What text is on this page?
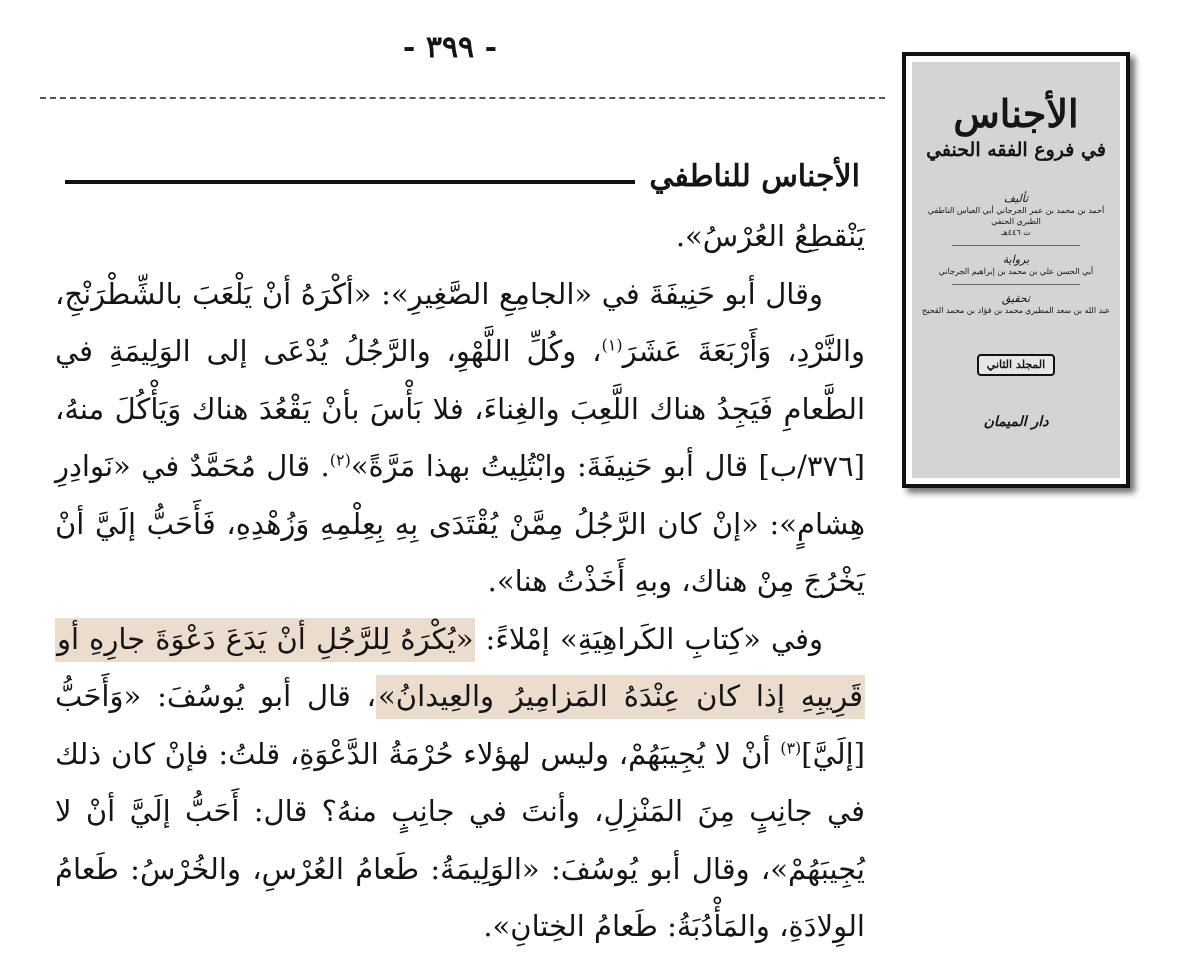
- ٣٩٩ -
الأجناس للناطفي

يَنْقطِعُ العُرْسُ».

وقال أبو حَنِيفَةَ في «الجامِعِ الصَّغِيرِ»: «أكْرَهُ أنْ يَلْعَبَ بالشِّطْرَنْجِ، والنَّرْدِ، وَأَرْبَعَةَ عَشَرَ$^{(١)}$، وكُلِّ اللَّهْوِ، والرَّجُلُ يُدْعَى إلى الوَلِيمَةِ في الطَّعامِ فَيَجِدُ هناك اللَّعِبَ والغِناءَ، فلا بَأْسَ بأنْ يَقْعُدَ هناك وَيَأْكُلَ منهُ، [٣٧٦/ب] قال أبو حَنِيفَةَ: وابْتُلِيتُ بهذا مَرَّةً»$^{(٢)}$. قال مُحَمَّدٌ في «نَوادِرِ هِشامٍ»: «إنْ كان الرَّجُلُ مِمَّنْ يُقْتَدَى بِهِ بِعِلْمِهِ وَزُهْدِهِ، فَأَحَبُّ إلَيَّ أنْ يَخْرُجَ مِنْ هناك، وبهِ أَخَذْتُ هنا».

وفي «كِتابِ الكَراهِيَةِ» إمْلاءً: «يُكْرَهُ لِلرَّجُلِ أنْ يَدَعَ دَعْوَةَ جارِهِ أو قَرِيبِهِ إذا كان عِنْدَهُ المَزامِيرُ والعِيدانُ»، قال أبو يُوسُفَ: «وَأَحَبُّ [إلَيَّ]$^{(٣)}$ أنْ لا يُجِيبَهُمْ، وليس لهؤلاء حُرْمَةُ الدَّعْوَةِ، قلتُ: فإنْ كان ذلك في جانِبٍ مِنَ المَنْزِلِ، وأنتَ في جانِبٍ منهُ؟ قال: أَحَبُّ إلَيَّ أنْ لا يُجِيبَهُمْ»، وقال أبو يُوسُفَ: «الوَلِيمَةُ: طَعامُ العُرْسِ، والخُرْسُ: طَعامُ الوِلادَةِ، والمَأْدُبَةُ: طَعامُ الخِتانِ».

الأجناس
في فروع الفقه الحنفي
تأليف
أحمد بن محمد بن عمر الجرجاني أبي العباس الناطفي الطبري الحنفي
ت ٤٤٦هـ
برواية
أبي الحسن علي بن محمد بن إبراهيم الجرجاني
تحقيق
عبد الله بن سعد المطيري
محمد بن فؤاد بن محمد القحيح
المجلد الثاني
دار الميمان
